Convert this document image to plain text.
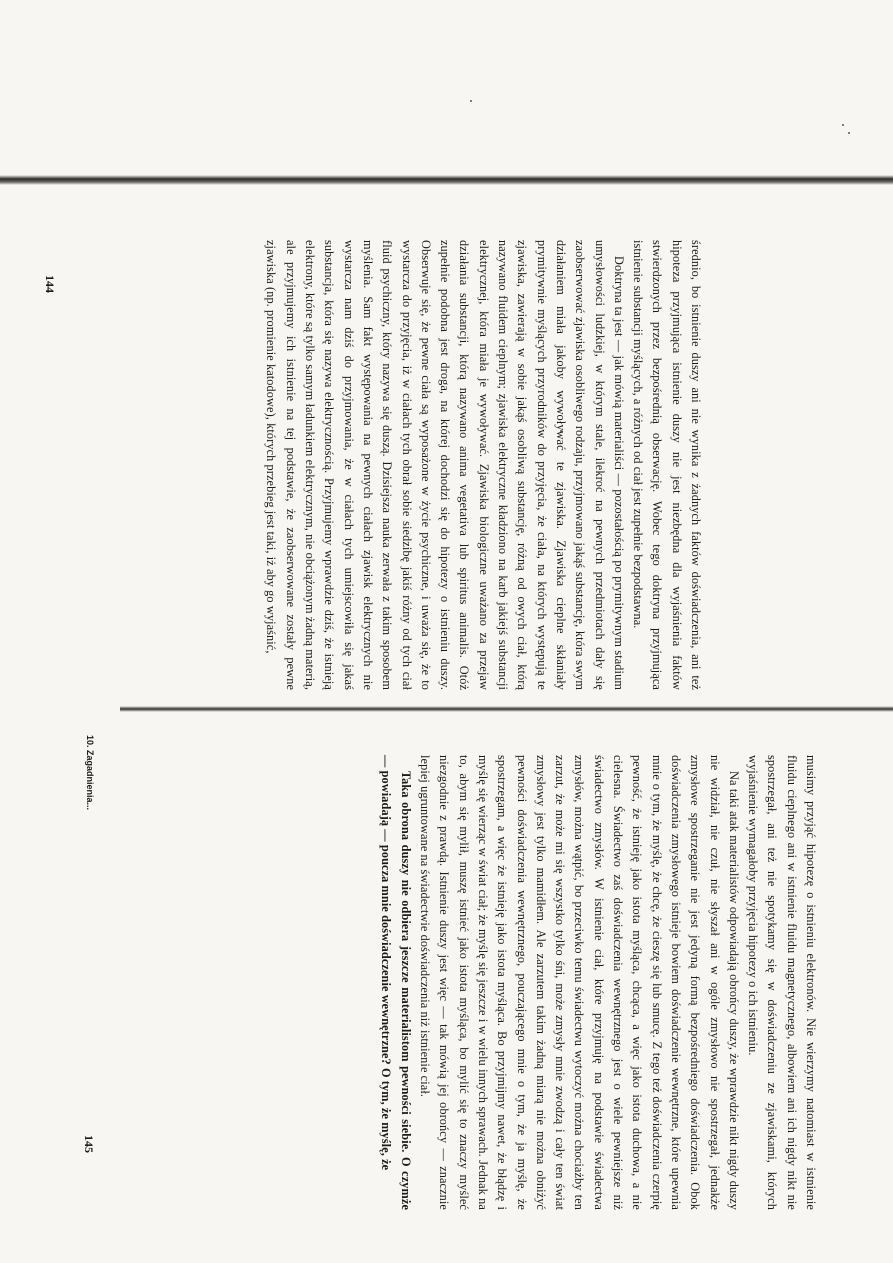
średnio, bo istnienie duszy ani nie wynika z żadnych faktów doświadczenia, ani też hipoteza przyjmująca istnienie duszy nie jest niezbędna dla wyjaśnienia faktów stwierdzonych przez bezpośrednią obserwację. Wobec tego doktryna przyjmująca istnienie substancji myślących, a różnych od ciał jest zupełnie bezpodstawna.

Doktryna ta jest — jak mówią materialiści — pozostałością po prymitywnym stadium umysłowości ludzkiej, w którym stale, ilekroć na pewnych przedmiotach dały się zaobserwować zjawiska osobliwego rodzaju, przyjmowano jakąś substancję, która swym działaniem miała jakoby wywoływać te zjawiska. Zjawiska cieplne skłaniały prymitywnie myślących przyrodników do przyjęcia, że ciała, na których występują te zjawiska, zawierają w sobie jakąś osobliwą substancję, różną od owych ciał, którą nazywano fluidem cieplnym; zjawiska elektryczne kładziono na karb jakiejś substancji elektrycznej, która miała je wywoływać. Zjawiska biologiczne uważano za przejaw działania substancji, którą nazywano anima vegetativa lub spiritus animalis. Otóż zupełnie podobna jest droga, na której dochodzi się do hipotezy o istnieniu duszy. Obserwuje się, że pewne ciała są wyposażone w życie psychiczne, i uważa się, że to wystarcza do przyjęcia, iż w ciałach tych obrał sobie siedzibę jakiś różny od tych ciał fluid psychiczny, który nazywa się duszą. Dzisiejsza nauka zerwała z takim sposobem myślenia. Sam fakt występowania na pewnych ciałach zjawisk elektrycznych nie wystarcza nam dziś do przyjmowania, że w ciałach tych umiejscowiła się jakaś substancja, która się nazywa elektrycznością. Przyjmujemy wprawdzie dziś, że istnieją elektrony, które są tylko samym ładunkiem elektrycznym, nie obciążonym żadną materią, ale przyjmujemy ich istnienie na tej podstawie, że zaobserwowane zostały pewne zjawiska (np. promienie katodowe), których przebieg jest taki, iż aby go wyjaśnić,

144

musimy przyjąć hipotezę o istnieniu elektronów. Nie wierzymy natomiast w istnienie fluidu cieplnego ani w istnienie fluidu magnetycznego, albowiem ani ich nigdy nikt nie spostrzegał, ani też nie spotykamy się w doświadczeniu ze zjawiskami, których wyjaśnienie wymagałoby przyjęcia hipotezy o ich istnieniu.

Na taki atak materialistów odpowiadają obrońcy duszy, że wprawdzie nikt nigdy duszy nie widział, nie czuł, nie słyszał ani w ogóle zmysłowo nie spostrzegał, jednakże zmysłowe spostrzeganie nie jest jedyną formą bezpośredniego doświadczenia. Obok doświadczenia zmysłowego istnieje bowiem doświadczenie wewnętrzne, które upewnia mnie o tym, że myślę, że chcę, że cieszę się lub smucę. Z tego też doświadczenia czerpię pewność, że istnieję jako istota myśląca, chcąca, a więc jako istota duchowa, a nie cielesna. Świadectwo zaś doświadczenia wewnętrznego jest o wiele pewniejsze niż świadectwo zmysłów. W istnienie ciał, które przyjmuję na podstawie świadectwa zmysłów, można wątpić, bo przeciwko temu świadectwu wytoczyć można chociażby ten zarzut, że może mi się wszystko tylko śni, może zmysły mnie zwodzą i cały ten świat zmysłowy jest tylko mamidłem. Ale zarzutem takim żadną miarą nie można obniżyć pewności doświadczenia wewnętrznego, pouczającego mnie o tym, że ja myślę, że spostrzegam, a więc że istnieję jako istota myśląca. Bo przyjmijmy nawet, że błądzę i myślę się wierząc w świat ciał; że myślę się jeszcze i w wielu innych sprawach. Jednak na to, abym się mylił, muszę istnieć jako istota myśląca, bo mylić się to znaczy myśleć niezgodnie z prawdą. Istnienie duszy jest więc — tak mówią jej obrońcy — znacznie lepiej ugruntowane na świadectwie doświadczenia niż istnienie ciał.

Taka obrona duszy nie odbiera jeszcze materialistom pewności siebie. O czymże — powiadają — poucza mnie doświadczenie wewnętrzne? O tym, że myślę, że

145
10. Zagadnienia...
